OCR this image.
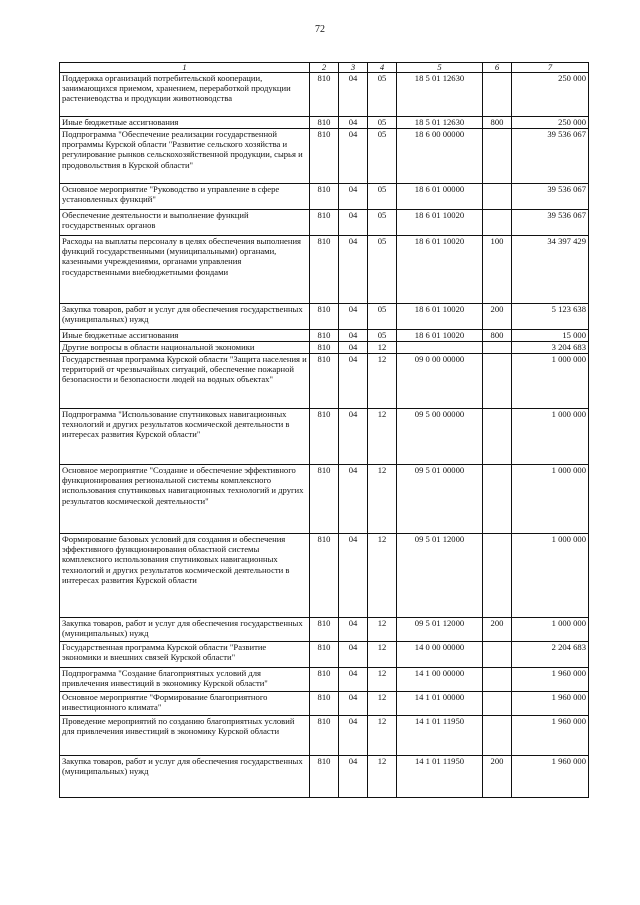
72
1	2	3	4	5	6	7
Поддержка организаций потребительской кооперации, занимающихся приемом, хранением, переработкой продукции растениеводства и продукции животноводства	810	04	05	18 5 01 12630		250 000
Иные бюджетные ассигнования	810	04	05	18 5 01 12630	800	250 000
Подпрограмма "Обеспечение реализации государственной программы Курской области "Развитие сельского хозяйства и регулирование рынков сельскохозяйственной продукции, сырья и продовольствия в Курской области"	810	04	05	18 6 00 00000		39 536 067
Основное мероприятие "Руководство и управление в сфере установленных функций"	810	04	05	18 6 01 00000		39 536 067
Обеспечение деятельности и выполнение функций государственных органов	810	04	05	18 6 01 10020		39 536 067
Расходы на выплаты персоналу в целях обеспечения выполнения функций государственными (муниципальными) органами, казенными учреждениями, органами управления государственными внебюджетными фондами	810	04	05	18 6 01 10020	100	34 397 429
Закупка товаров, работ и услуг для обеспечения государственных (муниципальных) нужд	810	04	05	18 6 01 10020	200	5 123 638
Иные бюджетные ассигнования	810	04	05	18 6 01 10020	800	15 000
Другие вопросы в области национальной экономики	810	04	12			3 204 683
Государственная программа Курской области "Защита населения и территорий от чрезвычайных ситуаций, обеспечение пожарной безопасности и безопасности людей на водных объектах"	810	04	12	09 0 00 00000		1 000 000
Подпрограмма "Использование спутниковых навигационных технологий и других результатов космической деятельности в интересах развития Курской области"	810	04	12	09 5 00 00000		1 000 000
Основное мероприятие "Создание и обеспечение эффективного функционирования региональной системы комплексного использования спутниковых навигационных технологий и других результатов космической деятельности"	810	04	12	09 5 01 00000		1 000 000
Формирование базовых условий для создания и обеспечения эффективного функционирования областной системы комплексного использования спутниковых навигационных технологий и других результатов космической деятельности в интересах развития Курской области	810	04	12	09 5 01 12000		1 000 000
Закупка товаров, работ и услуг для обеспечения государственных (муниципальных) нужд	810	04	12	09 5 01 12000	200	1 000 000
Государственная программа Курской области "Развитие экономики и внешних связей Курской области"	810	04	12	14 0 00 00000		2 204 683
Подпрограмма "Создание благоприятных условий для привлечения инвестиций в экономику Курской области"	810	04	12	14 1 00 00000		1 960 000
Основное мероприятие "Формирование благоприятного инвестиционного климата"	810	04	12	14 1 01 00000		1 960 000
Проведение мероприятий по созданию благоприятных условий для привлечения инвестиций в экономику Курской области	810	04	12	14 1 01 11950		1 960 000
Закупка товаров, работ и услуг для обеспечения государственных (муниципальных) нужд	810	04	12	14 1 01 11950	200	1 960 000
